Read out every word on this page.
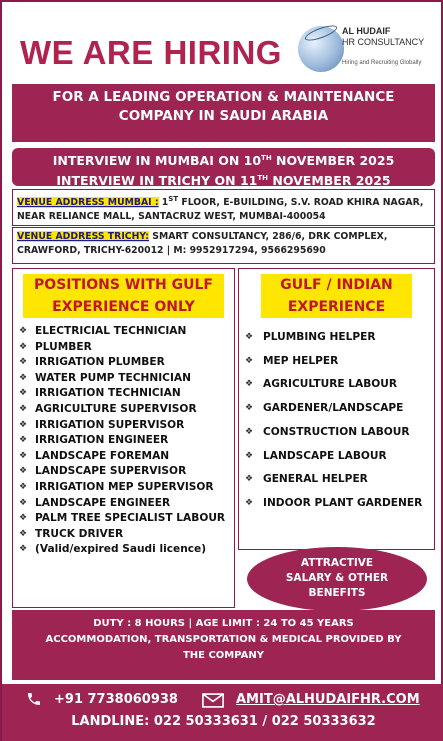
WE ARE HIRING
AL HUDAIF
HR CONSULTANCY
Hiring and Recruiting Globally
FOR A LEADING OPERATION & MAINTENANCE
COMPANY IN SAUDI ARABIA
INTERVIEW IN MUMBAI ON 10TH NOVEMBER 2025
INTERVIEW IN TRICHY ON 11TH NOVEMBER 2025
VENUE ADDRESS MUMBAI : 1ST FLOOR, E-BUILDING, S.V. ROAD KHIRA NAGAR, NEAR RELIANCE MALL, SANTACRUZ WEST, MUMBAI-400054
VENUE ADDRESS TRICHY: SMART CONSULTANCY, 286/6, DRK COMPLEX, CRAWFORD, TRICHY-620012 | M: 9952917294, 9566295690
POSITIONS WITH GULF
EXPERIENCE ONLY
❖ ELECTRICIAL TECHNICIAN
❖ PLUMBER
❖ IRRIGATION PLUMBER
❖ WATER PUMP TECHNICIAN
❖ IRRIGATION TECHNICIAN
❖ AGRICULTURE SUPERVISOR
❖ IRRIGATION SUPERVISOR
❖ IRRIGATION ENGINEER
❖ LANDSCAPE FOREMAN
❖ LANDSCAPE SUPERVISOR
❖ IRRIGATION MEP SUPERVISOR
❖ LANDSCAPE ENGINEER
❖ PALM TREE SPECIALIST LABOUR
❖ TRUCK DRIVER
❖ (Valid/expired Saudi licence)
GULF / INDIAN
EXPERIENCE
❖ PLUMBING HELPER
❖ MEP HELPER
❖ AGRICULTURE LABOUR
❖ GARDENER/LANDSCAPE
❖ CONSTRUCTION LABOUR
❖ LANDSCAPE LABOUR
❖ GENERAL HELPER
❖ INDOOR PLANT GARDENER
ATTRACTIVE
SALARY & OTHER
BENEFITS
DUTY : 8 HOURS | AGE LIMIT : 24 TO 45 YEARS
ACCOMMODATION, TRANSPORTATION & MEDICAL PROVIDED BY
THE COMPANY
+91 7738060938	AMIT@ALHUDAIFHR.COM
LANDLINE: 022 50333631 / 022 50333632
